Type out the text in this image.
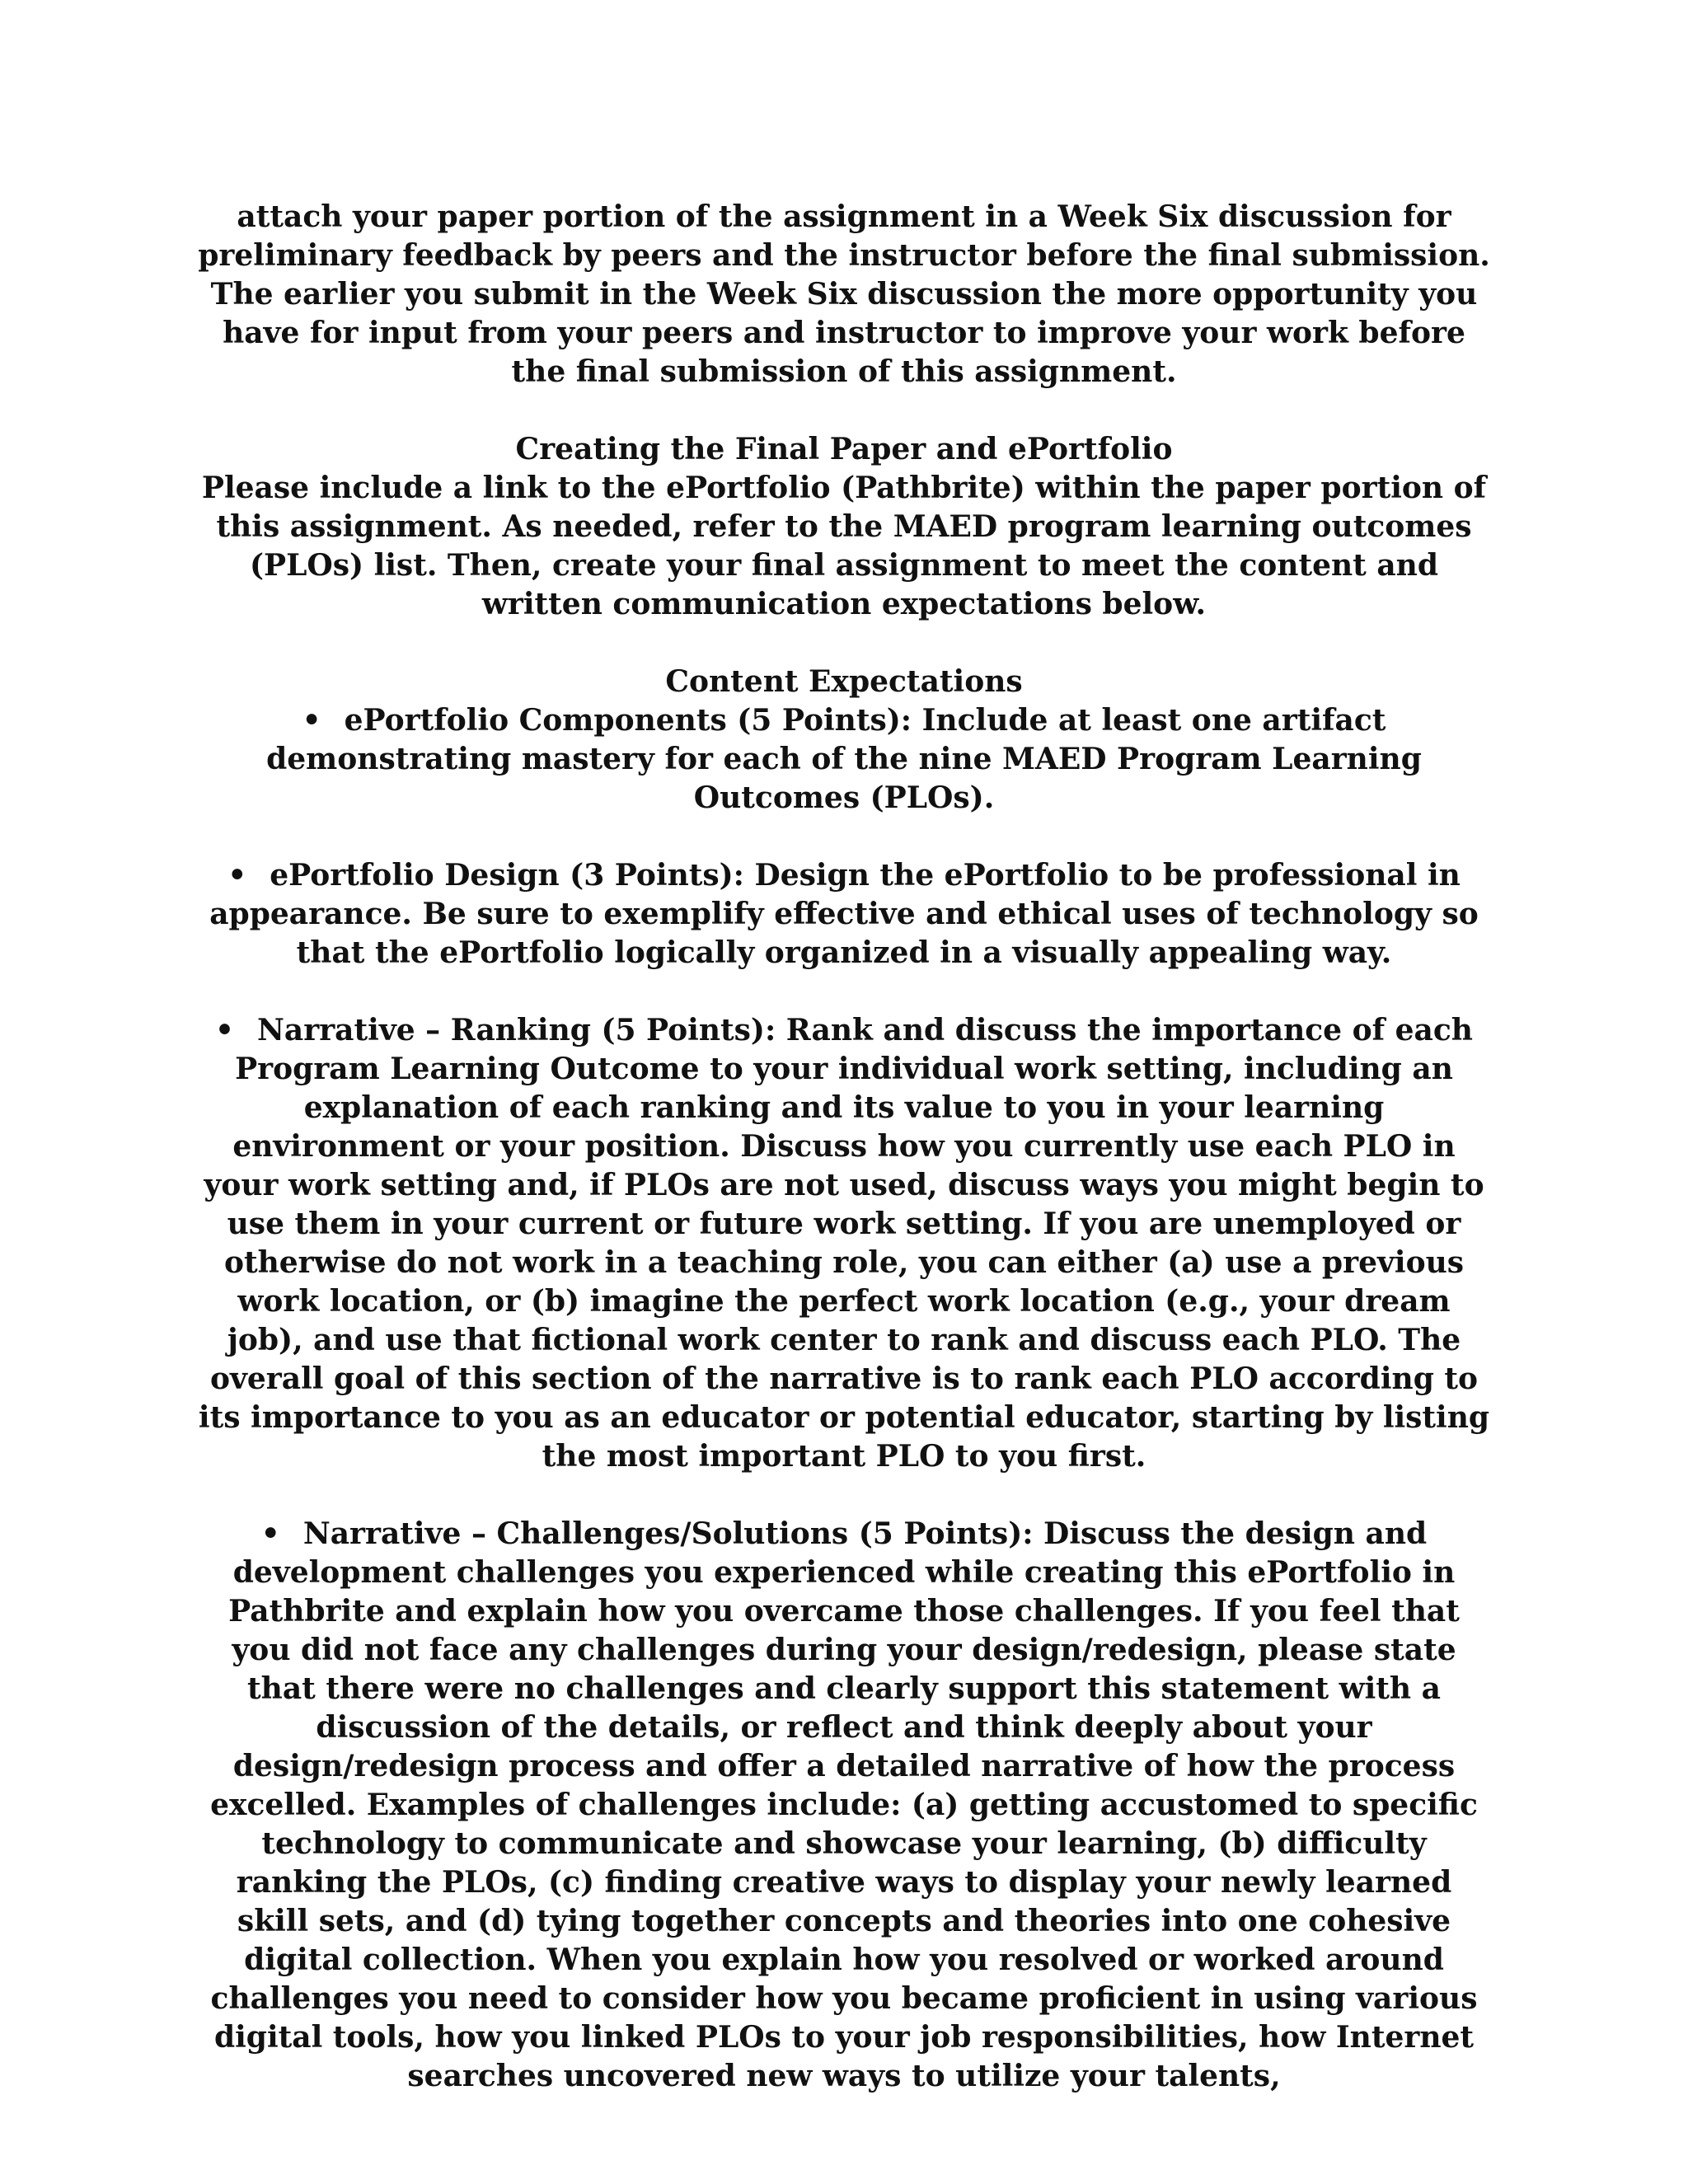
attach your paper portion of the assignment in a Week Six discussion for preliminary feedback by peers and the instructor before the final submission. The earlier you submit in the Week Six discussion the more opportunity you have for input from your peers and instructor to improve your work before the final submission of this assignment.

Creating the Final Paper and ePortfolio

Please include a link to the ePortfolio (Pathbrite) within the paper portion of this assignment. As needed, refer to the MAED program learning outcomes (PLOs) list. Then, create your final assignment to meet the content and written communication expectations below.

Content Expectations

• ePortfolio Components (5 Points): Include at least one artifact demonstrating mastery for each of the nine MAED Program Learning Outcomes (PLOs).

• ePortfolio Design (3 Points): Design the ePortfolio to be professional in appearance. Be sure to exemplify effective and ethical uses of technology so that the ePortfolio logically organized in a visually appealing way.

• Narrative – Ranking (5 Points): Rank and discuss the importance of each Program Learning Outcome to your individual work setting, including an explanation of each ranking and its value to you in your learning environment or your position. Discuss how you currently use each PLO in your work setting and, if PLOs are not used, discuss ways you might begin to use them in your current or future work setting. If you are unemployed or otherwise do not work in a teaching role, you can either (a) use a previous work location, or (b) imagine the perfect work location (e.g., your dream job), and use that fictional work center to rank and discuss each PLO. The overall goal of this section of the narrative is to rank each PLO according to its importance to you as an educator or potential educator, starting by listing the most important PLO to you first.

• Narrative – Challenges/Solutions (5 Points): Discuss the design and development challenges you experienced while creating this ePortfolio in Pathbrite and explain how you overcame those challenges. If you feel that you did not face any challenges during your design/redesign, please state that there were no challenges and clearly support this statement with a discussion of the details, or reflect and think deeply about your design/redesign process and offer a detailed narrative of how the process excelled. Examples of challenges include: (a) getting accustomed to specific technology to communicate and showcase your learning, (b) difficulty ranking the PLOs, (c) finding creative ways to display your newly learned skill sets, and (d) tying together concepts and theories into one cohesive digital collection. When you explain how you resolved or worked around challenges you need to consider how you became proficient in using various digital tools, how you linked PLOs to your job responsibilities, how Internet searches uncovered new ways to utilize your talents,
